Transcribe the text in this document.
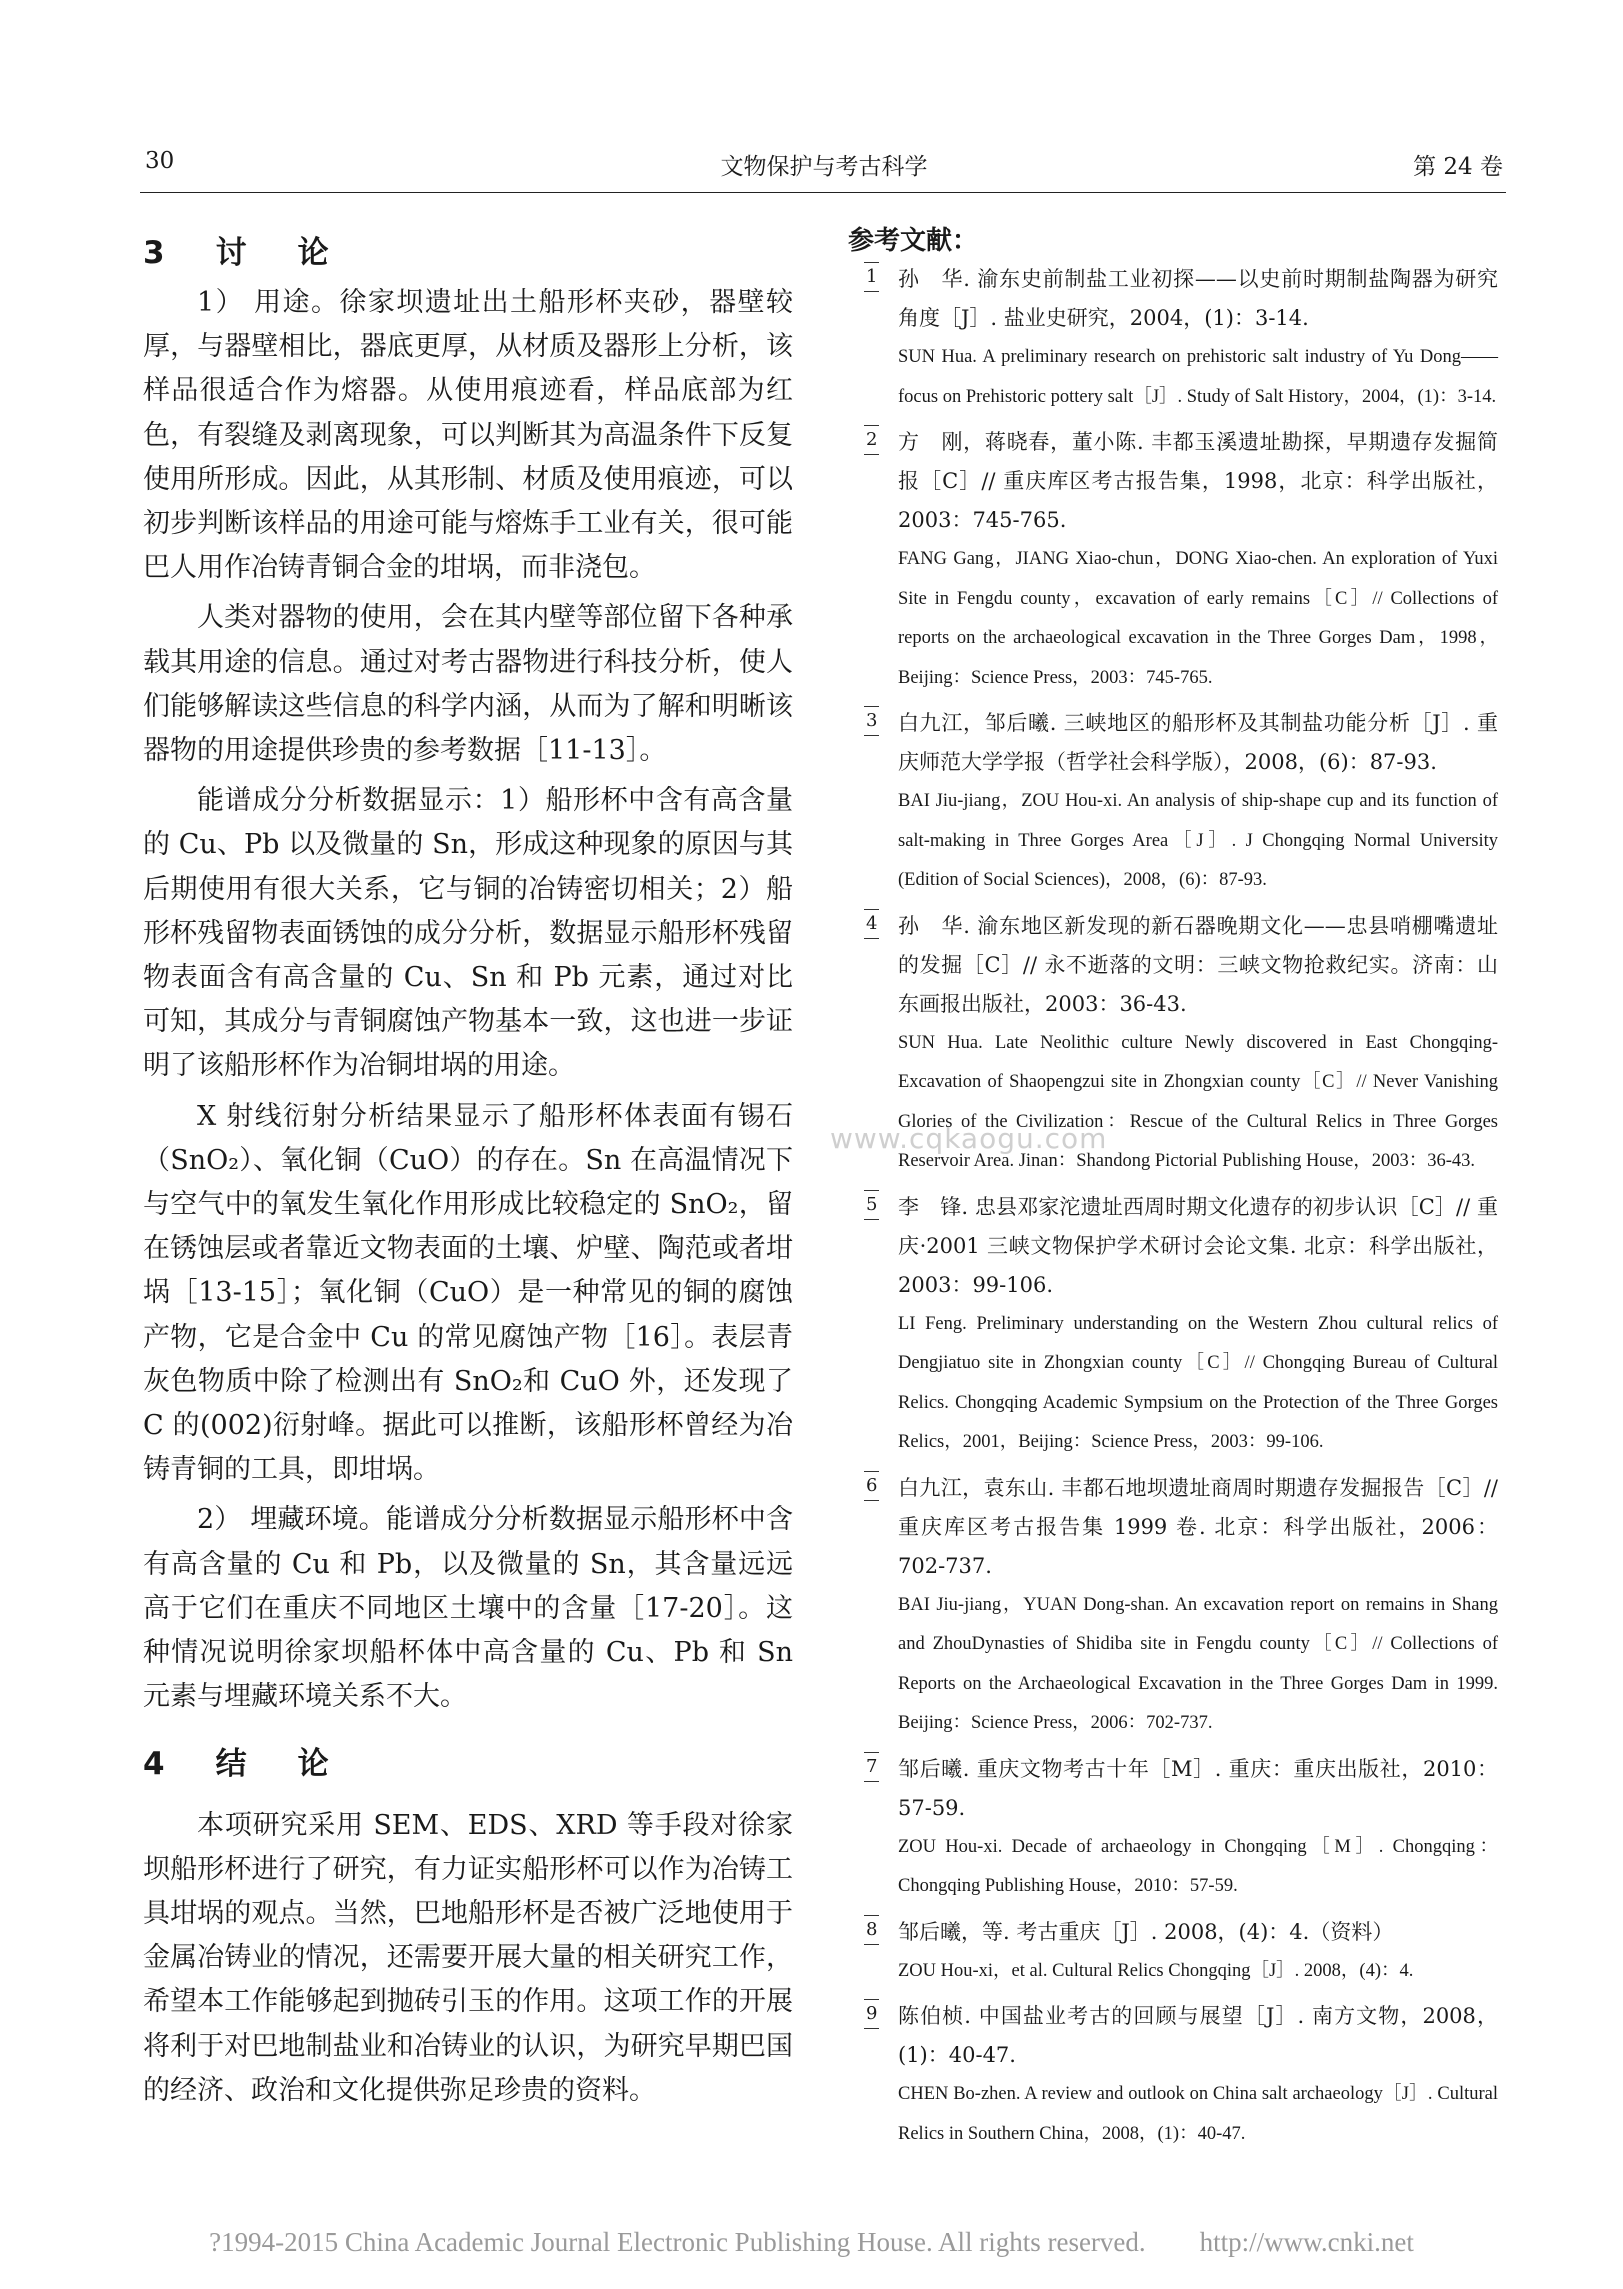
30	文物保护与考古科学	第 24 卷
3　讨　论

1） 用途。徐家坝遗址出土船形杯夹砂，器壁较厚，与器壁相比，器底更厚，从材质及器形上分析，该样品很适合作为熔器。从使用痕迹看，样品底部为红色，有裂缝及剥离现象，可以判断其为高温条件下反复使用所形成。因此，从其形制、材质及使用痕迹，可以初步判断该样品的用途可能与熔炼手工业有关，很可能巴人用作冶铸青铜合金的坩埚，而非浇包。

人类对器物的使用，会在其内壁等部位留下各种承载其用途的信息。通过对考古器物进行科技分析，使人们能够解读这些信息的科学内涵，从而为了解和明晰该器物的用途提供珍贵的参考数据［11-13］。

能谱成分分析数据显示：1）船形杯中含有高含量的 Cu、Pb 以及微量的 Sn，形成这种现象的原因与其后期使用有很大关系，它与铜的冶铸密切相关；2）船形杯残留物表面锈蚀的成分分析，数据显示船形杯残留物表面含有高含量的 Cu、Sn 和 Pb 元素，通过对比可知，其成分与青铜腐蚀产物基本一致，这也进一步证明了该船形杯作为冶铜坩埚的用途。

X 射线衍射分析结果显示了船形杯体表面有锡石（SnO₂）、氧化铜（CuO）的存在。Sn 在高温情况下与空气中的氧发生氧化作用形成比较稳定的 SnO₂，留在锈蚀层或者靠近文物表面的土壤、炉壁、陶范或者坩埚［13-15］；氧化铜（CuO）是一种常见的铜的腐蚀产物，它是合金中 Cu 的常见腐蚀产物［16］。表层青灰色物质中除了检测出有 SnO₂和 CuO 外，还发现了 C 的(002)衍射峰。据此可以推断，该船形杯曾经为冶铸青铜的工具，即坩埚。

2） 埋藏环境。能谱成分分析数据显示船形杯中含有高含量的 Cu 和 Pb，以及微量的 Sn，其含量远远高于它们在重庆不同地区土壤中的含量［17-20］。这种情况说明徐家坝船杯体中高含量的 Cu、Pb 和 Sn 元素与埋藏环境关系不大。

4　结　论

本项研究采用 SEM、EDS、XRD 等手段对徐家坝船形杯进行了研究，有力证实船形杯可以作为冶铸工具坩埚的观点。当然，巴地船形杯是否被广泛地使用于金属冶铸业的情况，还需要开展大量的相关研究工作，希望本工作能够起到抛砖引玉的作用。这项工作的开展将利于对巴地制盐业和冶铸业的认识，为研究早期巴国的经济、政治和文化提供弥足珍贵的资料。

参考文献：
1 孙　华. 渝东史前制盐工业初探——以史前时期制盐陶器为研究角度［J］. 盐业史研究，2004，(1)：3-14.

SUN Hua. A preliminary research on prehistoric salt industry of Yu Dong——focus on Prehistoric pottery salt［J］. Study of Salt History，2004，(1)：3-14.

2 方　刚，蒋晓春，董小陈. 丰都玉溪遗址勘探，早期遗存发掘简报［C］// 重庆库区考古报告集，1998，北京：科学出版社，2003：745-765.

FANG Gang，JIANG Xiao-chun，DONG Xiao-chen. An exploration of Yuxi Site in Fengdu county，excavation of early remains［C］// Collections of reports on the archaeological excavation in the Three Gorges Dam，1998，Beijing：Science Press，2003：745-765.

3 白九江，邹后曦. 三峡地区的船形杯及其制盐功能分析［J］. 重庆师范大学学报（哲学社会科学版），2008，(6)：87-93.

BAI Jiu-jiang，ZOU Hou-xi. An analysis of ship-shape cup and its function of salt-making in Three Gorges Area［J］. J Chongqing Normal University (Edition of Social Sciences)，2008，(6)：87-93.

4 孙　华. 渝东地区新发现的新石器晚期文化——忠县哨棚嘴遗址的发掘［C］// 永不逝落的文明：三峡文物抢救纪实。济南：山东画报出版社，2003：36-43.

SUN Hua. Late Neolithic culture Newly discovered in East Chongqing-Excavation of Shaopengzui site in Zhongxian county［C］// Never Vanishing Glories of the Civilization：Rescue of the Cultural Relics in Three Gorges Reservoir Area. Jinan：Shandong Pictorial Publishing House，2003：36-43.

5 李　锋. 忠县邓家沱遗址西周时期文化遗存的初步认识［C］// 重庆·2001 三峡文物保护学术研讨会论文集. 北京：科学出版社，2003：99-106.

LI Feng. Preliminary understanding on the Western Zhou cultural relics of Dengjiatuo site in Zhongxian county［C］// Chongqing Bureau of Cultural Relics. Chongqing Academic Sympsium on the Protection of the Three Gorges Relics，2001，Beijing：Science Press，2003：99-106.

6 白九江，袁东山. 丰都石地坝遗址商周时期遗存发掘报告［C］// 重庆库区考古报告集 1999 卷. 北京：科学出版社，2006：702-737.

BAI Jiu-jiang，YUAN Dong-shan. An excavation report on remains in Shang and ZhouDynasties of Shidiba site in Fengdu county［C］// Collections of Reports on the Archaeological Excavation in the Three Gorges Dam in 1999. Beijing：Science Press，2006：702-737.

7 邹后曦. 重庆文物考古十年［M］. 重庆：重庆出版社，2010：57-59.

ZOU Hou-xi. Decade of archaeology in Chongqing［M］. Chongqing：Chongqing Publishing House，2010：57-59.

8 邹后曦，等. 考古重庆［J］. 2008，(4)：4.（资料）

ZOU Hou-xi，et al. Cultural Relics Chongqing［J］. 2008，(4)：4.

9 陈伯桢. 中国盐业考古的回顾与展望［J］. 南方文物，2008，(1)：40-47.

CHEN Bo-zhen. A review and outlook on China salt archaeology［J］. Cultural Relics in Southern China，2008，(1)：40-47.

www.cqkaogu.com
?1994-2015 China Academic Journal Electronic Publishing House. All rights reserved.　　http://www.cnki.net
